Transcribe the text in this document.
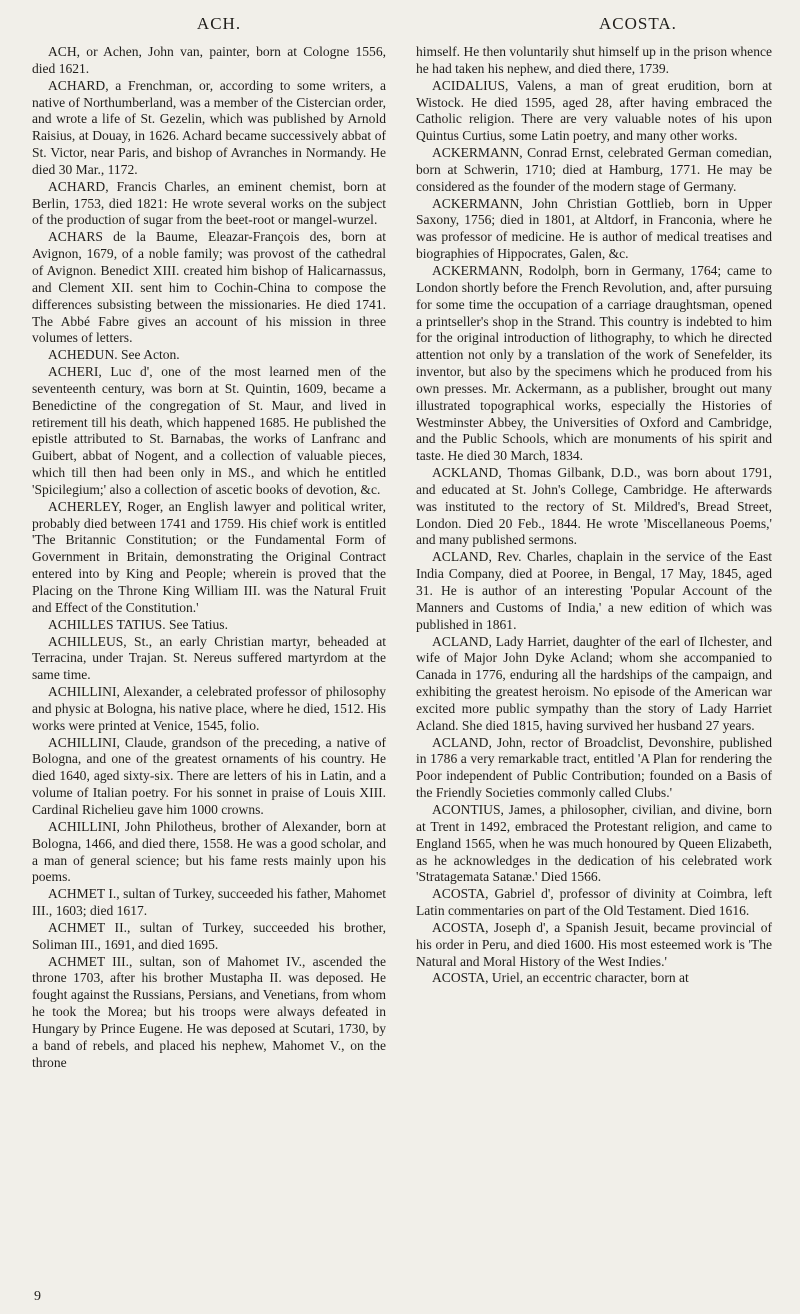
ACH.	ACOSTA.

ACH, or Achen, John van, painter, born at Cologne 1556, died 1621.

ACHARD, a Frenchman, or, according to some writers, a native of Northumberland, was a member of the Cistercian order, and wrote a life of St. Gezelin, which was published by Arnold Raisius, at Douay, in 1626. Achard became successively abbat of St. Victor, near Paris, and bishop of Avranches in Normandy. He died 30 Mar., 1172.

ACHARD, Francis Charles, an eminent chemist, born at Berlin, 1753, died 1821: He wrote several works on the subject of the production of sugar from the beet-root or mangel-wurzel.

ACHARS de la Baume, Eleazar-François des, born at Avignon, 1679, of a noble family; was provost of the cathedral of Avignon. Benedict XIII. created him bishop of Halicarnassus, and Clement XII. sent him to Cochin-China to compose the differences subsisting between the missionaries. He died 1741. The Abbé Fabre gives an account of his mission in three volumes of letters.

ACHEDUN. See Acton.

ACHERI, Luc d', one of the most learned men of the seventeenth century, was born at St. Quintin, 1609, became a Benedictine of the congregation of St. Maur, and lived in retirement till his death, which happened 1685. He published the epistle attributed to St. Barnabas, the works of Lanfranc and Guibert, abbat of Nogent, and a collection of valuable pieces, which till then had been only in MS., and which he entitled 'Spicilegium;' also a collection of ascetic books of devotion, &c.

ACHERLEY, Roger, an English lawyer and political writer, probably died between 1741 and 1759. His chief work is entitled 'The Britannic Constitution; or the Fundamental Form of Government in Britain, demonstrating the Original Contract entered into by King and People; wherein is proved that the Placing on the Throne King William III. was the Natural Fruit and Effect of the Constitution.'

ACHILLES TATIUS. See Tatius.

ACHILLEUS, St., an early Christian martyr, beheaded at Terracina, under Trajan. St. Nereus suffered martyrdom at the same time.

ACHILLINI, Alexander, a celebrated professor of philosophy and physic at Bologna, his native place, where he died, 1512. His works were printed at Venice, 1545, folio.

ACHILLINI, Claude, grandson of the preceding, a native of Bologna, and one of the greatest ornaments of his country. He died 1640, aged sixty-six. There are letters of his in Latin, and a volume of Italian poetry. For his sonnet in praise of Louis XIII. Cardinal Richelieu gave him 1000 crowns.

ACHILLINI, John Philotheus, brother of Alexander, born at Bologna, 1466, and died there, 1558. He was a good scholar, and a man of general science; but his fame rests mainly upon his poems.

ACHMET I., sultan of Turkey, succeeded his father, Mahomet III., 1603; died 1617.

ACHMET II., sultan of Turkey, succeeded his brother, Soliman III., 1691, and died 1695.

ACHMET III., sultan, son of Mahomet IV., ascended the throne 1703, after his brother Mustapha II. was deposed. He fought against the Russians, Persians, and Venetians, from whom he took the Morea; but his troops were always defeated in Hungary by Prince Eugene. He was deposed at Scutari, 1730, by a band of rebels, and placed his nephew, Mahomet V., on the throne

himself. He then voluntarily shut himself up in the prison whence he had taken his nephew, and died there, 1739.

ACIDALIUS, Valens, a man of great erudition, born at Wistock. He died 1595, aged 28, after having embraced the Catholic religion. There are very valuable notes of his upon Quintus Curtius, some Latin poetry, and many other works.

ACKERMANN, Conrad Ernst, celebrated German comedian, born at Schwerin, 1710; died at Hamburg, 1771. He may be considered as the founder of the modern stage of Germany.

ACKERMANN, John Christian Gottlieb, born in Upper Saxony, 1756; died in 1801, at Altdorf, in Franconia, where he was professor of medicine. He is author of medical treatises and biographies of Hippocrates, Galen, &c.

ACKERMANN, Rodolph, born in Germany, 1764; came to London shortly before the French Revolution, and, after pursuing for some time the occupation of a carriage draughtsman, opened a printseller's shop in the Strand. This country is indebted to him for the original introduction of lithography, to which he directed attention not only by a translation of the work of Senefelder, its inventor, but also by the specimens which he produced from his own presses. Mr. Ackermann, as a publisher, brought out many illustrated topographical works, especially the Histories of Westminster Abbey, the Universities of Oxford and Cambridge, and the Public Schools, which are monuments of his spirit and taste. He died 30 March, 1834.

ACKLAND, Thomas Gilbank, D.D., was born about 1791, and educated at St. John's College, Cambridge. He afterwards was instituted to the rectory of St. Mildred's, Bread Street, London. Died 20 Feb., 1844. He wrote 'Miscellaneous Poems,' and many published sermons.

ACLAND, Rev. Charles, chaplain in the service of the East India Company, died at Pooree, in Bengal, 17 May, 1845, aged 31. He is author of an interesting 'Popular Account of the Manners and Customs of India,' a new edition of which was published in 1861.

ACLAND, Lady Harriet, daughter of the earl of Ilchester, and wife of Major John Dyke Acland; whom she accompanied to Canada in 1776, enduring all the hardships of the campaign, and exhibiting the greatest heroism. No episode of the American war excited more public sympathy than the story of Lady Harriet Acland. She died 1815, having survived her husband 27 years.

ACLAND, John, rector of Broadclist, Devonshire, published in 1786 a very remarkable tract, entitled 'A Plan for rendering the Poor independent of Public Contribution; founded on a Basis of the Friendly Societies commonly called Clubs.'

ACONTIUS, James, a philosopher, civilian, and divine, born at Trent in 1492, embraced the Protestant religion, and came to England 1565, when he was much honoured by Queen Elizabeth, as he acknowledges in the dedication of his celebrated work 'Stratagemata Satanæ.' Died 1566.

ACOSTA, Gabriel d', professor of divinity at Coimbra, left Latin commentaries on part of the Old Testament. Died 1616.

ACOSTA, Joseph d', a Spanish Jesuit, became provincial of his order in Peru, and died 1600. His most esteemed work is 'The Natural and Moral History of the West Indies.'

ACOSTA, Uriel, an eccentric character, born at

9
